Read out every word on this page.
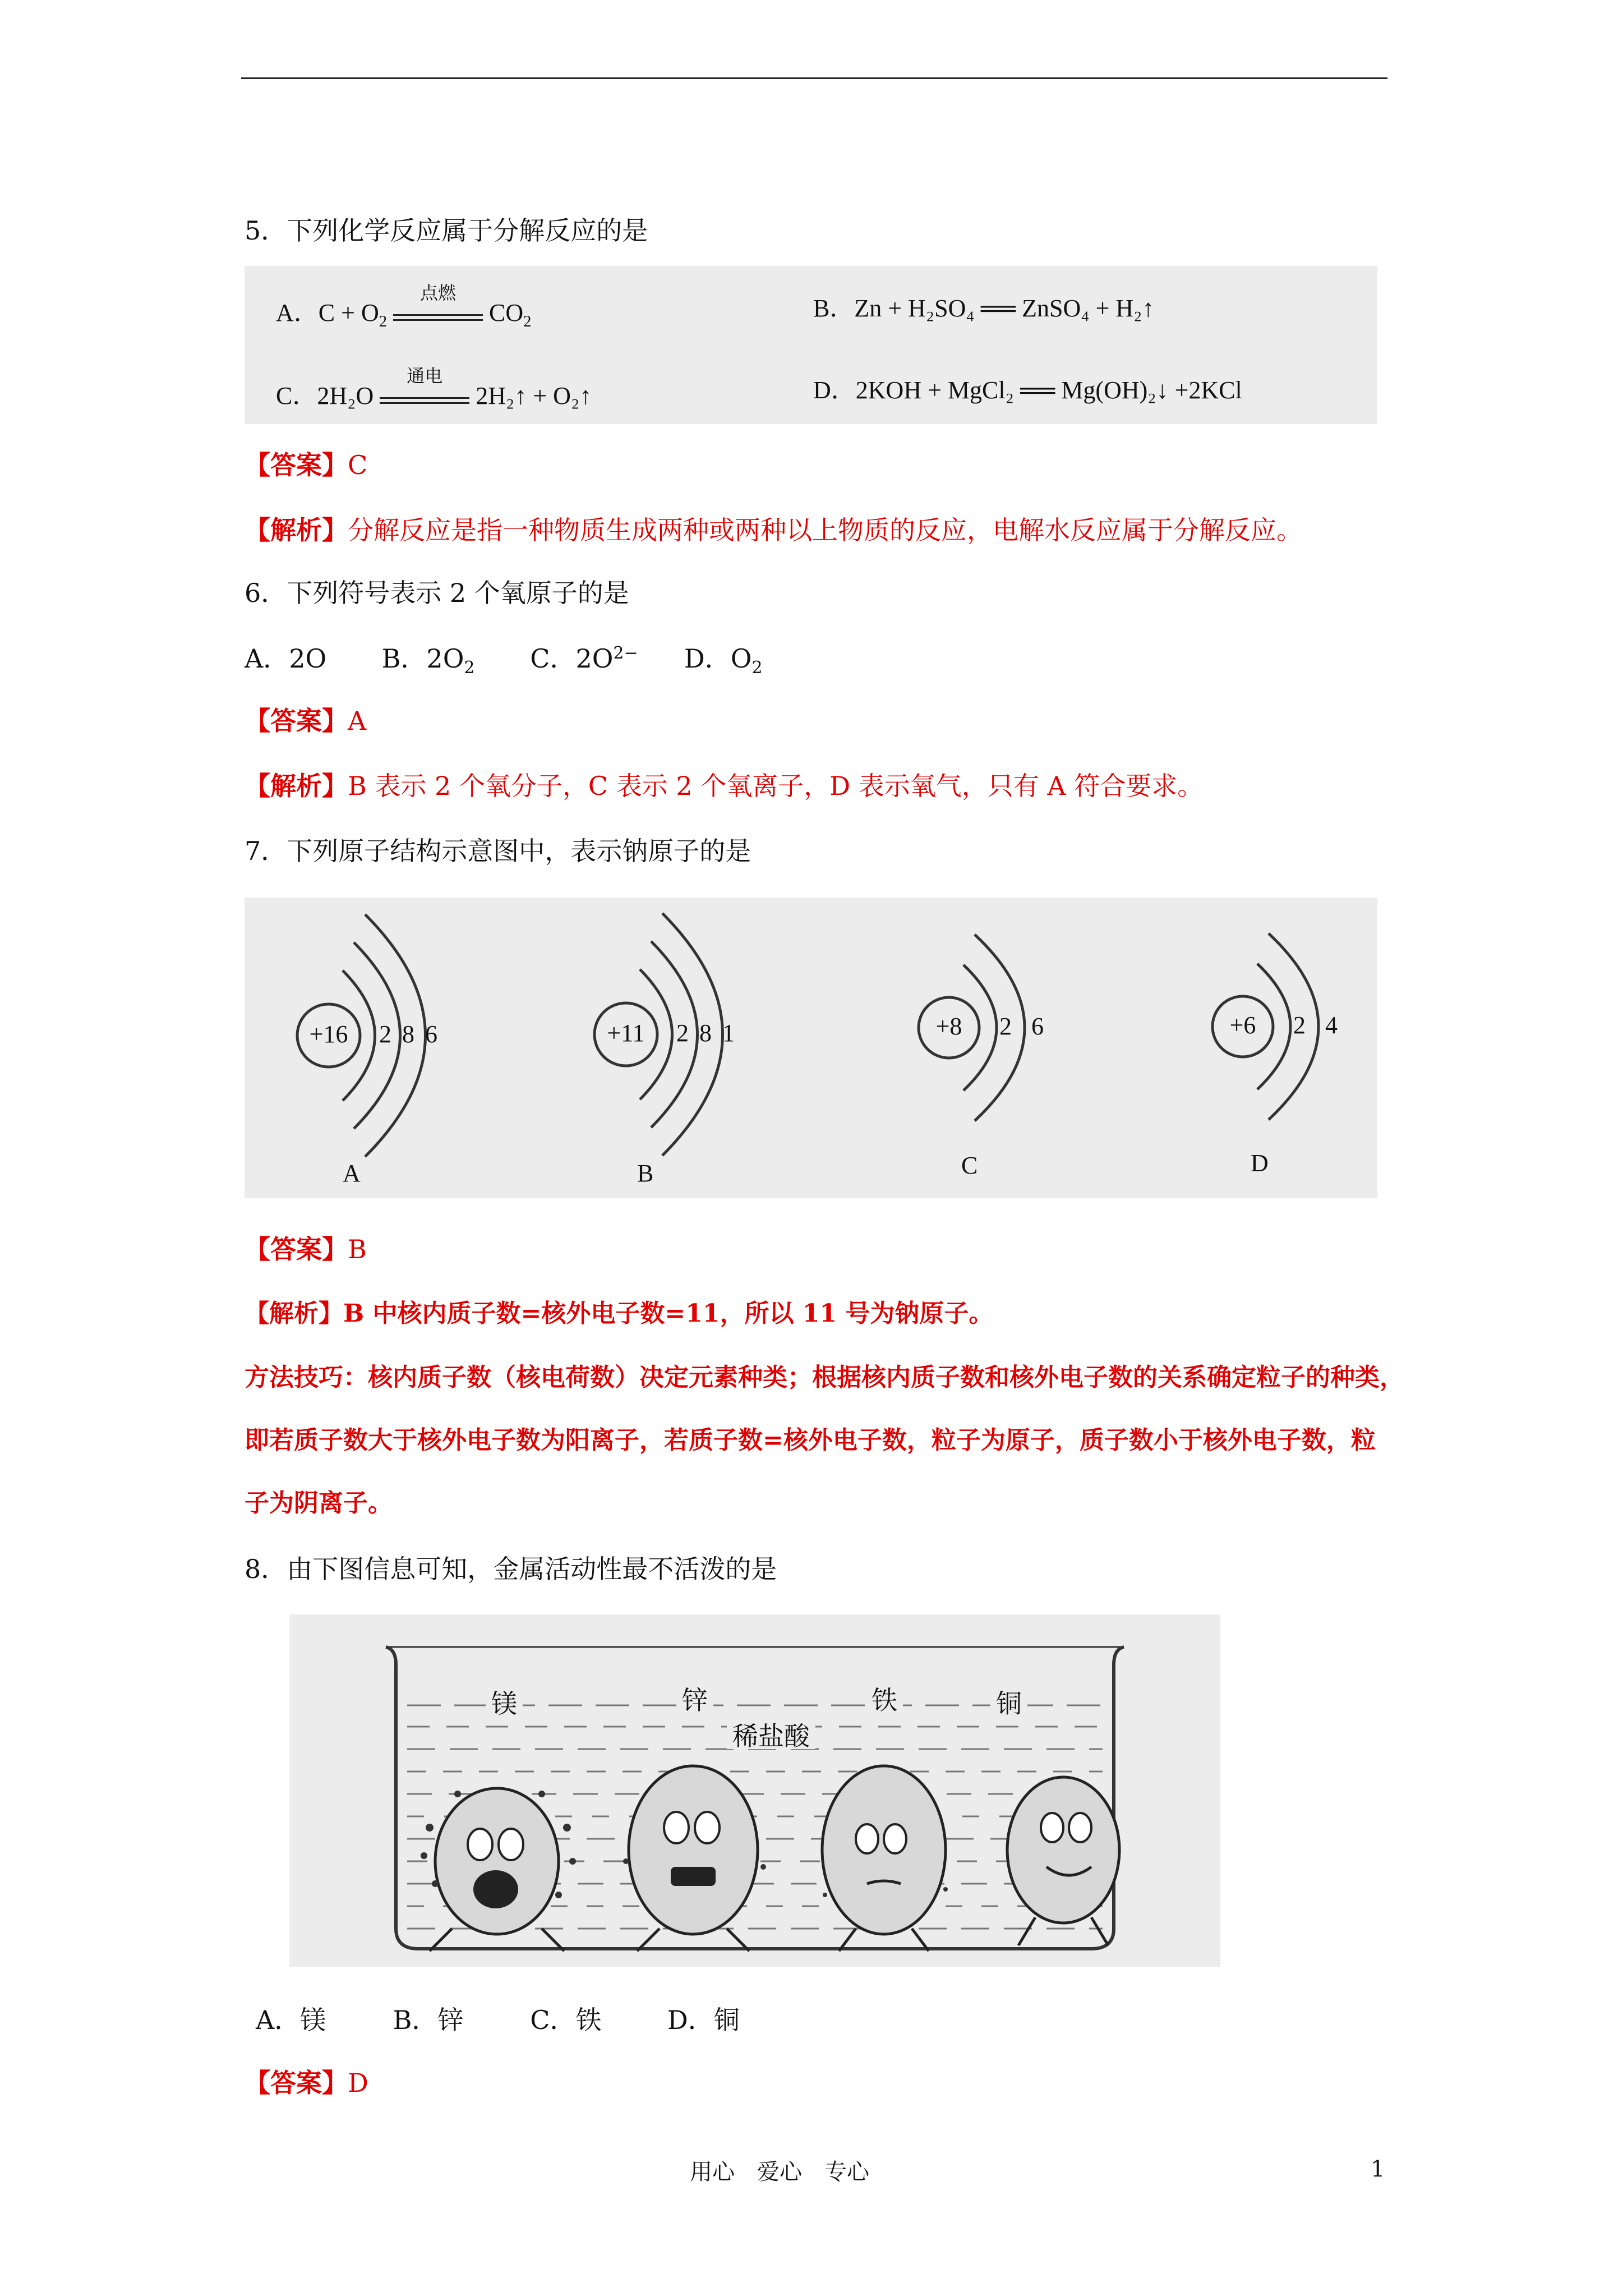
5．下列化学反应属于分解反应的是
A．$C + O_2$
点燃
$CO_2$	B．Zn + H₂SO₄ ══ ZnSO₄ + H₂↑
C．2H₂O
通电
2H₂↑ + O₂↑	D．2KOH + MgCl₂ ══ Mg(OH)₂↓ +2KCl
【答案】C
【解析】分解反应是指一种物质生成两种或两种以上物质的反应，电解水反应属于分解反应。
6．下列符号表示 2 个氧原子的是
A．2O B．$2O_2$ C．$2O^{2-}$ D．$O_2$
【答案】A
【解析】B 表示 2 个氧分子，C 表示 2 个氧离子，D 表示氧气，只有 A 符合要求。
7．下列原子结构示意图中，表示钠原子的是
+16	2 8 6
A
+11	2 8 1
B
+8	2 6
C
+6	2 4
D
【答案】B
【解析】B 中核内质子数=核外电子数=11，所以 11 号为钠原子。
方法技巧：核内质子数（核电荷数）决定元素种类；根据核内质子数和核外电子数的关系确定粒子的种类，
即若质子数大于核外电子数为阳离子，若质子数=核外电子数，粒子为原子，质子数小于核外电子数，粒
子为阴离子。
8．由下图信息可知，金属活动性最不活泼的是
镁	锌	铁	铜
稀盐酸
A．镁	B．锌	C．铁	D．铜
【答案】D
用心　爱心　专心	1
